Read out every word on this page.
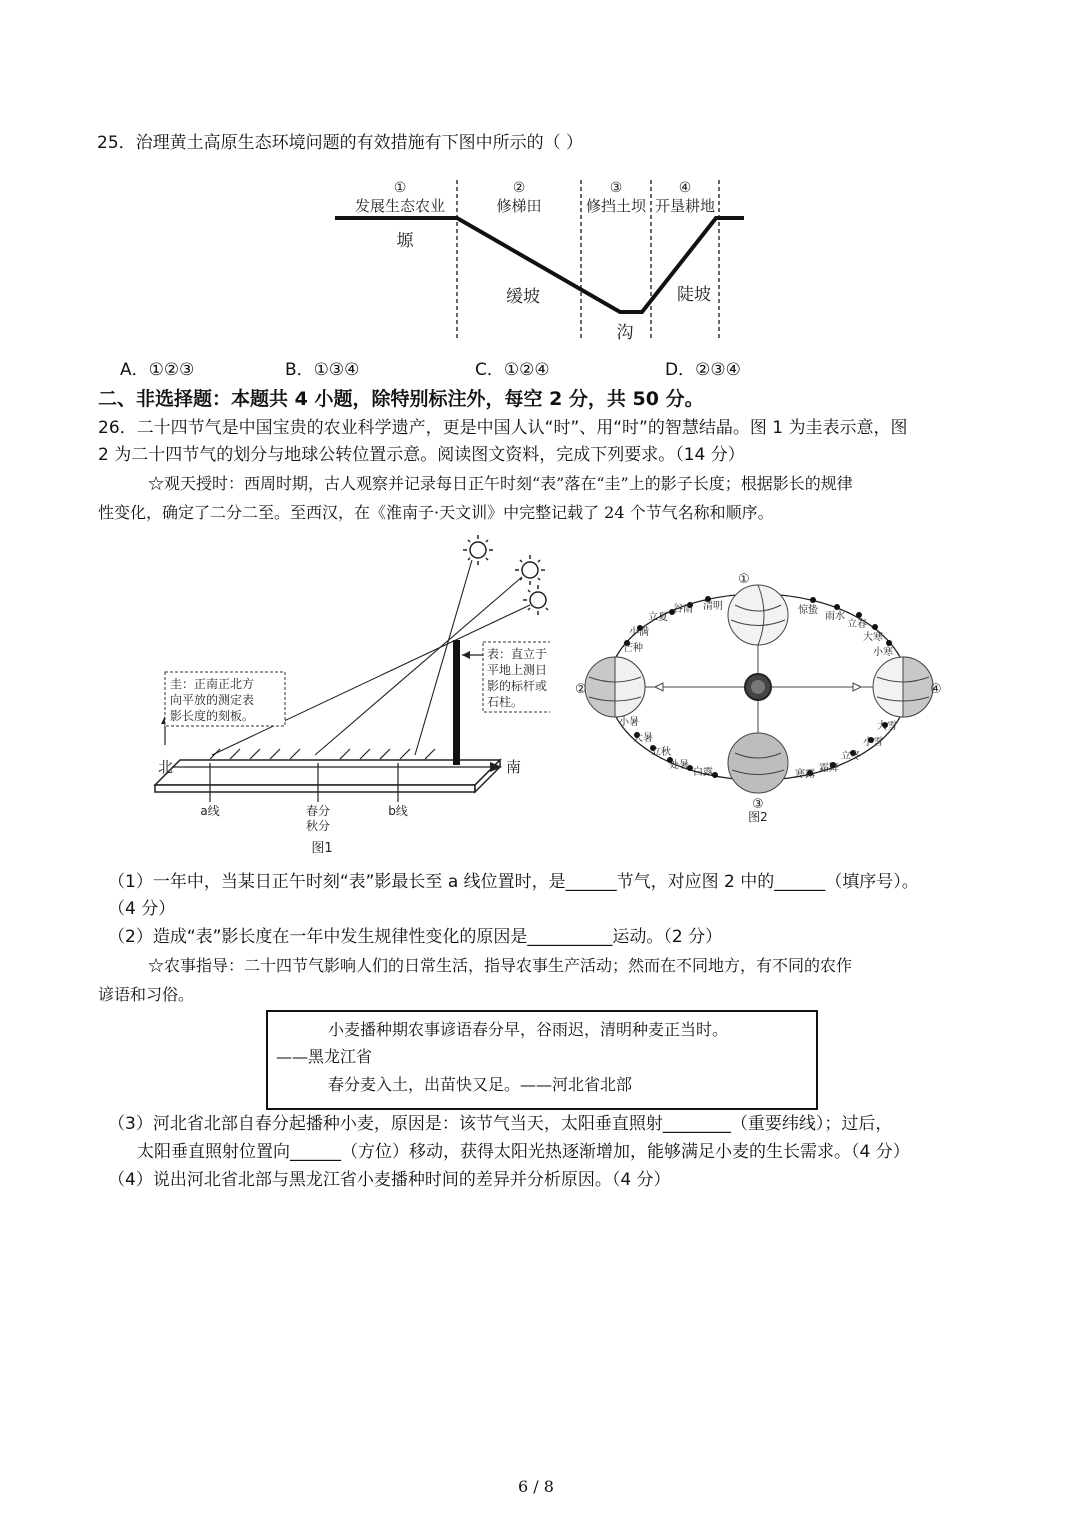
25．治理黄土高原生态环境问题的有效措施有下图中所示的（ ）
①
发展生态农业
②
修梯田
③
修挡土坝
④
开垦耕地
塬
缓坡
沟
陡坡
A．①②③	B．①③④	C．①②④	D．②③④
二、非选择题：本题共 4 小题，除特别标注外，每空 2 分，共 50 分。
26．二十四节气是中国宝贵的农业科学遗产，更是中国人认“时”、用“时”的智慧结晶。图 1 为圭表示意，图
2 为二十四节气的划分与地球公转位置示意。阅读图文资料，完成下列要求。（14 分）
☆观天授时：西周时期，古人观察并记录每日正午时刻“表”落在“圭”上的影子长度；根据影长的规律
性变化，确定了二分二至。至西汉，在《淮南子·天文训》中完整记载了 24 个节气名称和顺序。
圭：正南正北方
向平放的测定表
影长度的刻板。
表：直立于
平地上测日
影的标杆或
石柱。
北	南
a线	春分
秋分
b线
图1
①
②
③
④
立夏
谷雨 清明
小满
芒种
惊蛰
雨水
立春
大寒
小寒
小暑
大暑
立秋
处暑
白露
大雪
小雪
立冬
霜降
寒露
图2
（1）一年中，当某日正午时刻“表”影最长至 a 线位置时，是______节气，对应图 2 中的______（填序号）。
（4 分）
（2）造成“表”影长度在一年中发生规律性变化的原因是__________运动。（2 分）
☆农事指导：二十四节气影响人们的日常生活，指导农事生产活动；然而在不同地方，有不同的农作
谚语和习俗。
小麦播种期农事谚语春分早，谷雨迟，清明种麦正当时。
——黑龙江省
春分麦入土，出苗快又足。——河北省北部
（3）河北省北部自春分起播种小麦，原因是：该节气当天，太阳垂直照射________（重要纬线）；过后，
太阳垂直照射位置向______（方位）移动，获得太阳光热逐渐增加，能够满足小麦的生长需求。（4 分）
（4）说出河北省北部与黑龙江省小麦播种时间的差异并分析原因。（4 分）
6 / 8
